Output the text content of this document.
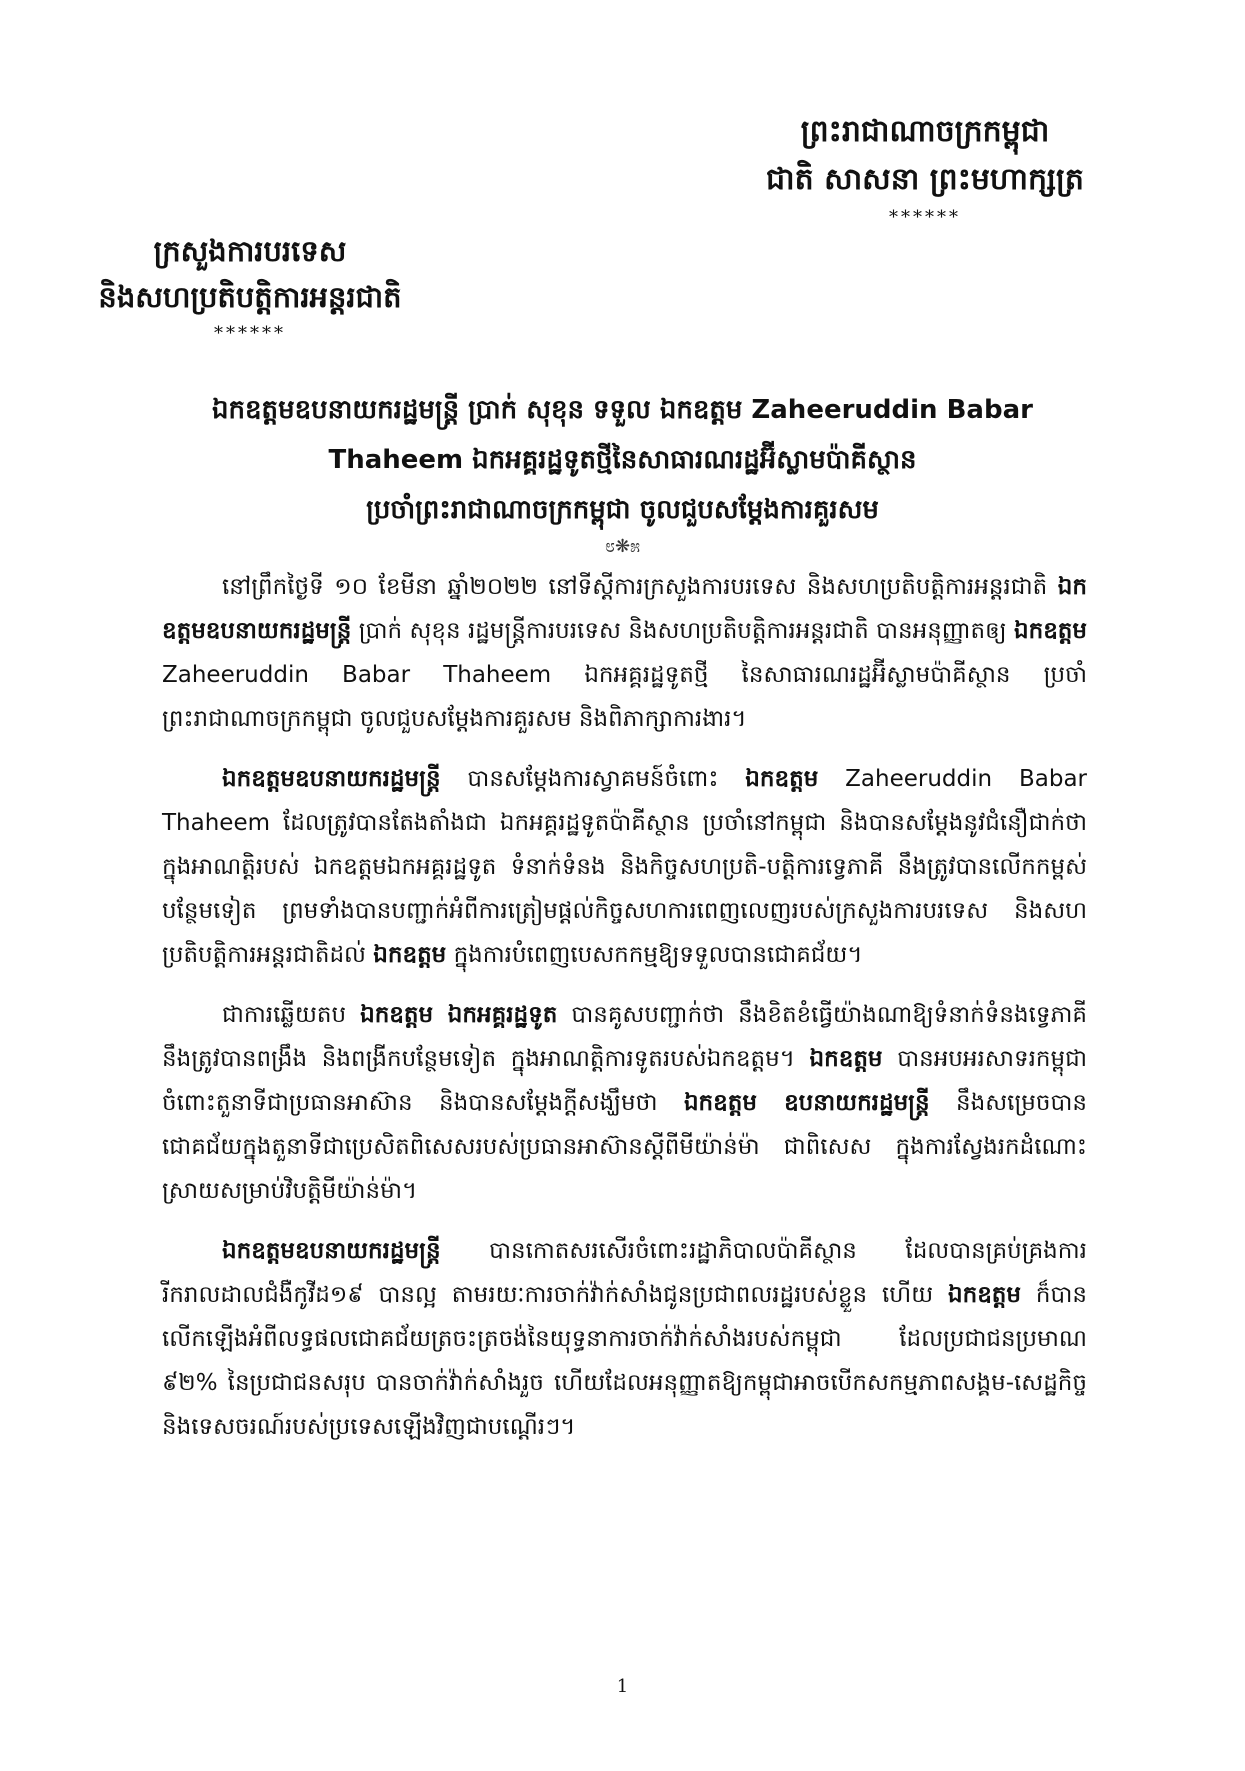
ព្រះរាជាណាចក្រកម្ពុជា
ជាតិ សាសនា ព្រះមហាក្សត្រ
******
ក្រសួងការបរទេស
និងសហប្រតិបត្តិការអន្តរជាតិ
******
ឯកឧត្តមឧបនាយករដ្ឋមន្ត្រី ប្រាក់ សុខុន ទទួល ឯកឧត្តម Zaheeruddin Babar
Thaheem ឯកអគ្គរដ្ឋទូតថ្មីនៃសាធារណរដ្ឋអ៊ីស្លាមប៉ាគីស្ថាន
ប្រចាំព្រះរាជាណាចក្រកម្ពុជា ចូលជួបសម្ដែងការគួរសម
೮❋೫

នៅព្រឹកថ្ងៃទី ១០ ខែមីនា ឆ្នាំ២០២២ នៅទីស្ដីការក្រសួងការបរទេស និងសហប្រតិបត្តិការអន្តរជាតិ ឯកឧត្តមឧបនាយករដ្ឋមន្ត្រី ប្រាក់ សុខុន រដ្ឋមន្ត្រីការបរទេស និងសហប្រតិបត្តិការអន្តរជាតិ បានអនុញ្ញាតឲ្យ ឯកឧត្តម Zaheeruddin Babar Thaheem ឯកអគ្គរដ្ឋទូតថ្មី នៃសាធារណរដ្ឋអ៊ីស្លាមប៉ាគីស្ថាន ប្រចាំព្រះរាជាណាចក្រកម្ពុជា ចូលជួបសម្ដែងការគួរសម និងពិភាក្សាការងារ។

ឯកឧត្តមឧបនាយករដ្ឋមន្ត្រី បានសម្ដែងការស្វាគមន៍ចំពោះ ឯកឧត្តម Zaheeruddin Babar Thaheem ដែលត្រូវបានតែងតាំងជា ឯកអគ្គរដ្ឋទូតប៉ាគីស្ថាន ប្រចាំនៅកម្ពុជា និងបានសម្ដែងនូវជំនឿជាក់ថា ក្នុងអាណត្តិរបស់ ឯកឧត្តមឯកអគ្គរដ្ឋទូត ទំនាក់ទំនង និងកិច្ចសហប្រតិ-បត្តិការទ្វេភាគី នឹងត្រូវបានលើកកម្ពស់បន្ថែមទៀត ព្រមទាំងបានបញ្ជាក់អំពីការត្រៀមផ្ដល់កិច្ចសហការពេញលេញរបស់ក្រសួងការបរទេស និងសហប្រតិបត្តិការអន្តរជាតិដល់ ឯកឧត្តម ក្នុងការបំពេញបេសកកម្មឱ្យទទួលបានជោគជ័យ។

ជាការឆ្លើយតប ឯកឧត្តម ឯកអគ្គរដ្ឋទូត បានគូសបញ្ជាក់ថា នឹងខិតខំធ្វើយ៉ាងណាឱ្យទំនាក់ទំនងទ្វេភាគីនឹងត្រូវបានពង្រឹង និងពង្រីកបន្ថែមទៀត ក្នុងអាណត្តិការទូតរបស់ឯកឧត្តម។ ឯកឧត្តម បានអបអរសាទរកម្ពុជា ចំពោះតួនាទីជាប្រធានអាស៊ាន និងបានសម្ដែងក្ដីសង្ឃឹមថា ឯកឧត្តម ឧបនាយករដ្ឋមន្ត្រី នឹងសម្រេចបានជោគជ័យក្នុងតួនាទីជាប្រេសិតពិសេសរបស់ប្រធានអាស៊ានស្ដីពីមីយ៉ាន់ម៉ា ជាពិសេស ក្នុងការស្វែងរកដំណោះស្រាយសម្រាប់វិបត្តិមីយ៉ាន់ម៉ា។

ឯកឧត្តមឧបនាយករដ្ឋមន្ត្រី បានកោតសរសើរចំពោះរដ្ឋាភិបាលប៉ាគីស្ថាន ដែលបានគ្រប់គ្រងការរីករាលដាលជំងឺកូវីដ១៩ បានល្អ តាមរយៈការចាក់វ៉ាក់សាំងជូនប្រជាពលរដ្ឋរបស់ខ្លួន ហើយ ឯកឧត្តម ក៏បានលើកឡើងអំពីលទ្ធផលជោគជ័យត្រចះត្រចង់នៃយុទ្ធនាការចាក់វ៉ាក់សាំងរបស់កម្ពុជា ដែលប្រជាជនប្រមាណ ៩២% នៃប្រជាជនសរុប បានចាក់វ៉ាក់សាំងរួច ហើយដែលអនុញ្ញាតឱ្យកម្ពុជាអាចបើកសកម្មភាពសង្គម-សេដ្ឋកិច្ច និងទេសចរណ៍របស់ប្រទេសឡើងវិញជាបណ្ដើរៗ។

1
